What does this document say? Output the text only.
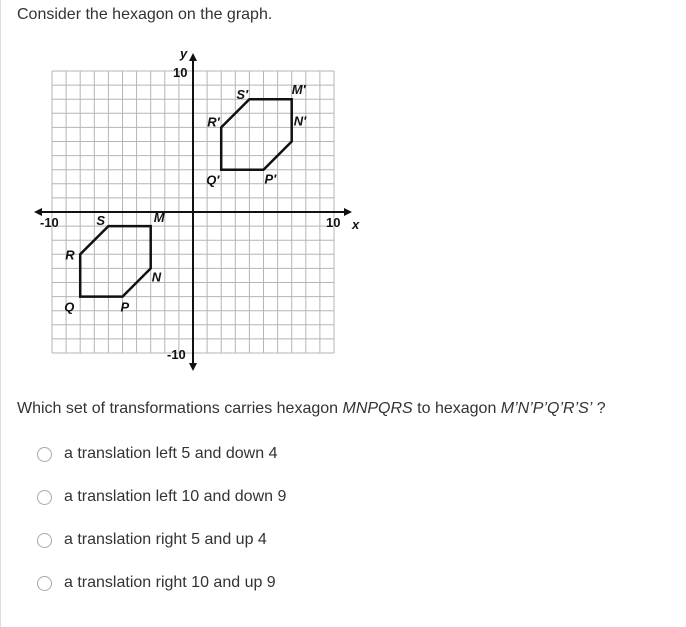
Consider the hexagon on the graph.
-10	10
10
-10
x
y
M
N
P
Q
R
S
M′
N′
P′
Q′
R′
S′
Which set of transformations carries hexagon MNPQRS to hexagon M’N’P’Q’R’S’ ?
a translation left 5 and down 4
a translation left 10 and down 9
a translation right 5 and up 4
a translation right 10 and up 9
